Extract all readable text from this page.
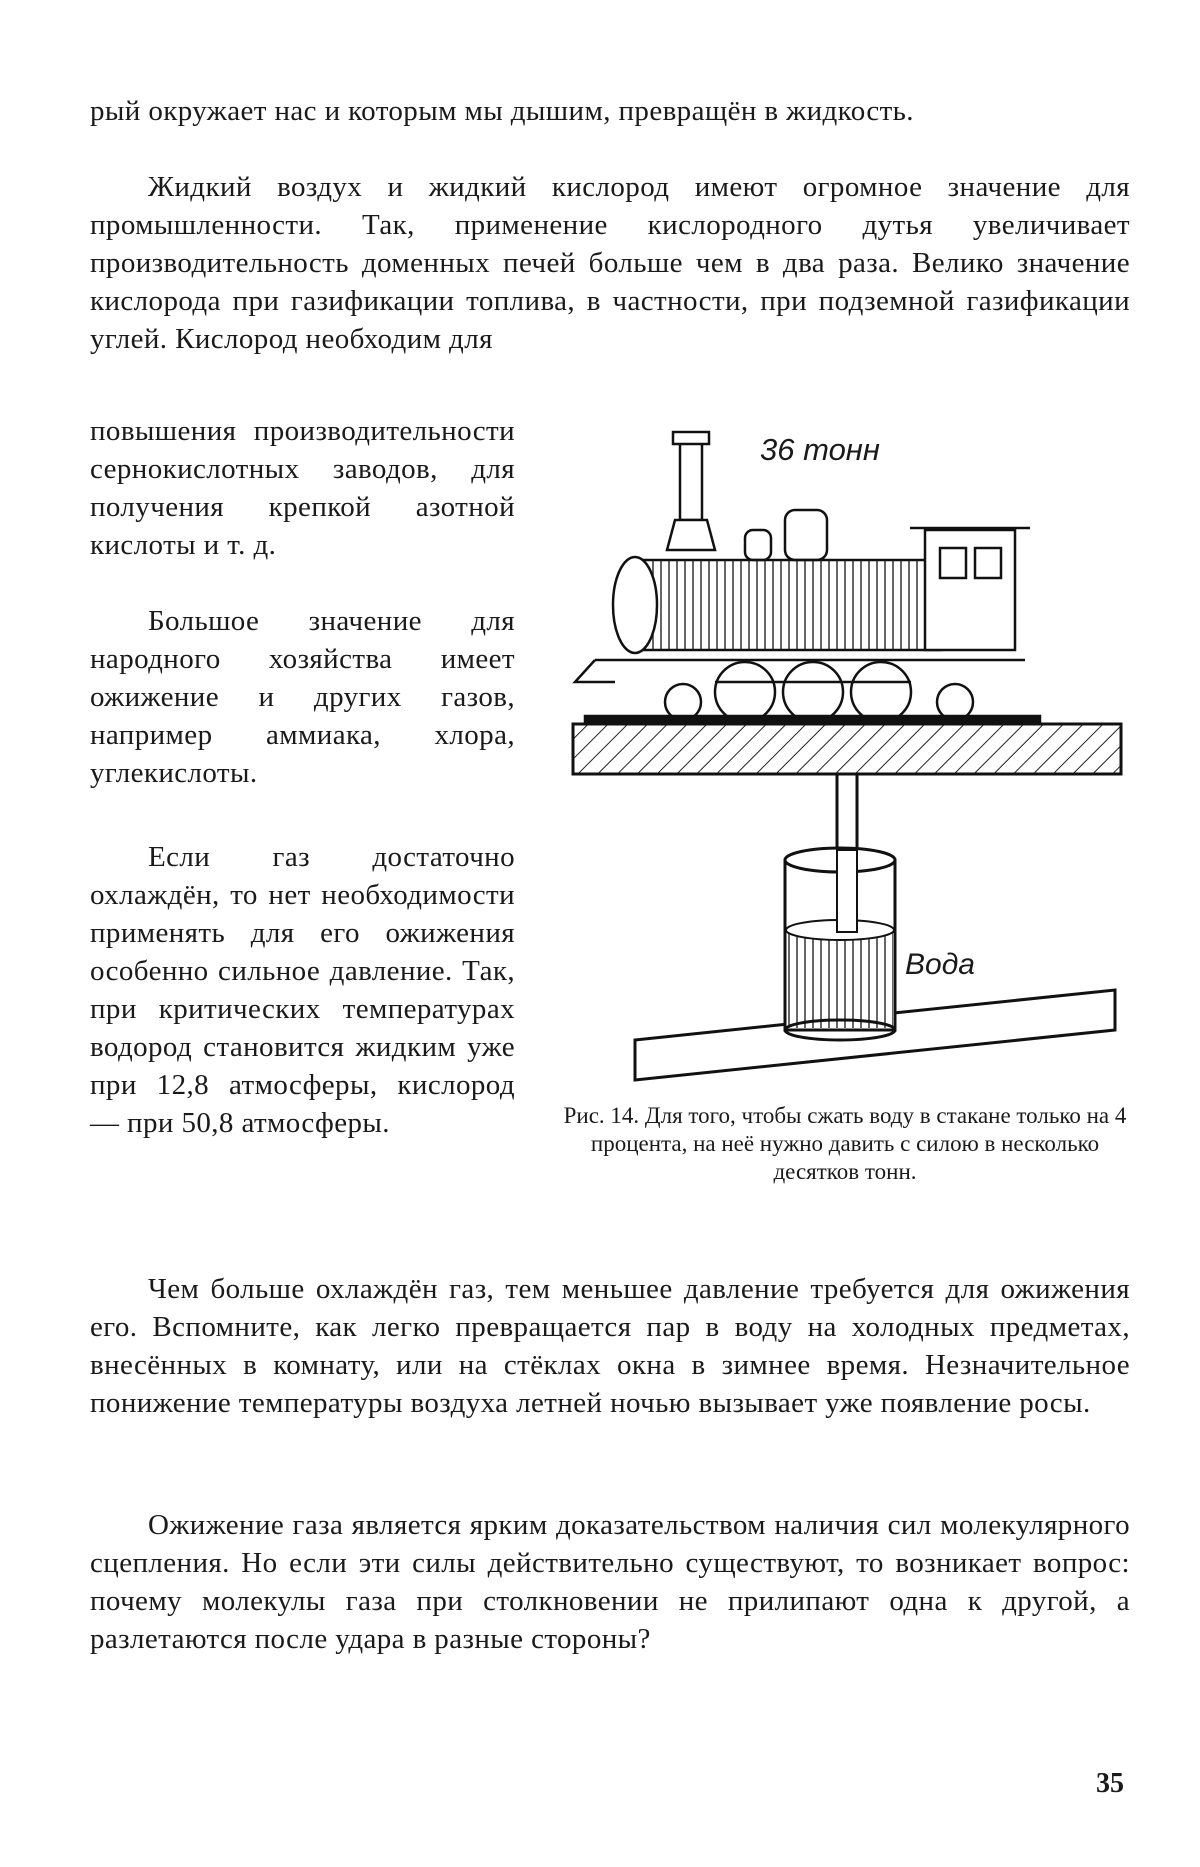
рый окружает нас и которым мы дышим, превращён в жидкость.

Жидкий воздух и жидкий кислород имеют огромное значение для промышленности. Так, применение кислородного дутья увеличивает производительность доменных печей больше чем в два раза. Велико значение кислорода при газификации топлива, в частности, при подземной газификации углей. Кислород необходим для

повышения производительности сернокислотных заводов, для получения крепкой азотной кислоты и т. д.

Большое значение для народного хозяйства имеет ожижение и других газов, например аммиака, хлора, углекислоты.

Если газ достаточно охлаждён, то нет необходимости применять для его ожижения особенно сильное давление. Так, при критических температурах водород становится жидким уже при 12,8 атмосферы, кислород — при 50,8 атмосферы.

Чем больше охлаждён газ, тем меньшее давление требуется для ожижения его. Вспомните, как легко превращается пар в воду на холодных предметах, внесённых в комнату, или на стёклах окна в зимнее время. Незначительное понижение температуры воздуха летней ночью вызывает уже появление росы.

Ожижение газа является ярким доказательством наличия сил молекулярного сцепления. Но если эти силы действительно существуют, то возникает вопрос: почему молекулы газа при столкновении не прилипают одна к другой, а разлетаются после удара в разные стороны?

36 тонн
Вода

Рис. 14. Для того, чтобы сжать воду в стакане только на 4 процента, на неё нужно давить с силою в несколько десятков тонн.

35
